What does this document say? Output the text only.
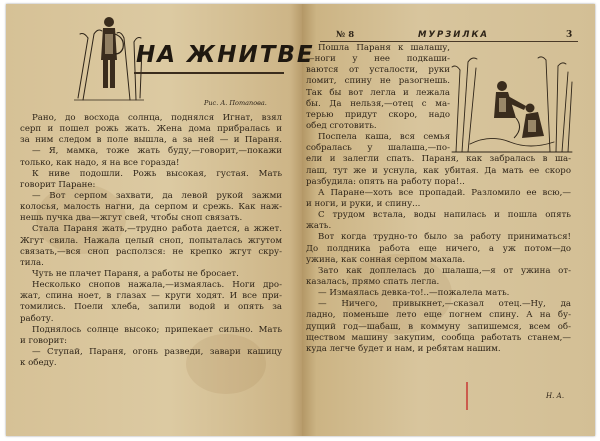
НА ЖНИТВЕ
Рис. А. Потапова.
Рано, до восхода солнца, поднялся Игнат, взял
серп и пошел рожь жать. Жена дома прибралась и
за ним следом в поле вышла, а за ней — и Параня.
— Я, мамка, тоже жать буду,—говорит,—покажи
только, как надо, я на все горазда!
К ниве подошли. Рожь высокая, густая. Мать
говорит Паране:
— Вот серпом захвати, да левой рукой зажми
колосья, малость нагни, да серпом и срежь. Как наж-
нешь пучка два—жгут свей, чтобы сноп связать.
Стала Параня жать,—трудно работа дается, а жжет.
Жгут свила. Нажала целый сноп, попыталась жгутом
связать,—вся сноп расползся: не крепко жгут скру-
тила.
Чуть не плачет Параня, а работы не бросает.
Несколько снопов нажала,—измаялась. Ноги дро-
жат, спина ноет, в глазах — круги ходят. И все при-
томились. Поели хлеба, запили водой и опять за
работу.
Поднялось солнце высоко; припекает сильно. Мать
и говорит:
— Ступай, Параня, огонь разведи, завари кашицу
к обеду.
№ 8	МУРЗИЛКА	3
Пошла Параня к шалашу,
—ноги у нее подкаши-
ваются от усталости, руки
ломит, спину не разогнешь.
Так бы вот легла и лежала
бы. Да нельзя,—отец с ма-
терью придут скоро, надо
обед сготовить.
Поспела каша, вся семья
собралась у шалаша,—по-
ели и залегли спать. Параня, как забралась в ша-
лаш, тут же и уснула, как убитая. Да мать ее скоро
разбудила: опять на работу пора!..
А Паране—хоть все пропадай. Разломило ее всю,—
и ноги, и руки, и спину...
С трудом встала, воды напилась и пошла опять
жать.
Вот когда трудно-то было за работу приниматься!
До полдника работа еще ничего, а уж потом—до
ужина, как сонная серпом махала.
Зато как доплелась до шалаша,—я от ужина от-
казалась, прямо спать легла.
— Измаялась девка-то!..—пожалела мать.
— Ничего, привыкнет,—сказал отец.—Ну, да
ладно, поменьше лето еще погнем спину. А на бу-
дущий год—шабаш, в коммуну запишемся, всем об-
ществом машину закупим, сообща работать станем,—
куда легче будет и нам, и ребятам нашим.
Н. А.
